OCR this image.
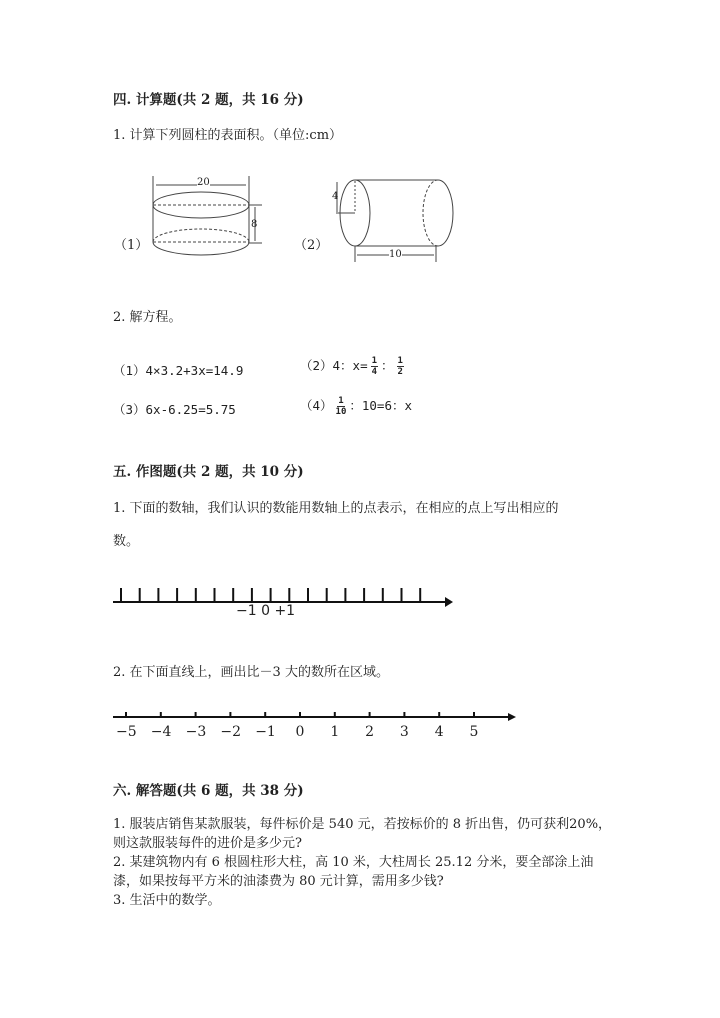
四. 计算题(共 2 题，共 16 分)
1. 计算下列圆柱的表面积。（单位:cm）
20
8
（1）	（2）
4
10
2. 解方程。
（1）4×3.2+3x=14.9	（2）4：$x= \frac{1}{4}$ ： $\frac{1}{2}$
（3）6x-6.25=5.75	$(4) \frac{1}{10}$ ：10=6：x
五. 作图题(共 2 题，共 10 分)
1. 下面的数轴，我们认识的数能用数轴上的点表示，在相应的点上写出相应的
数。
−1 0 +1
2. 在下面直线上，画出比－3 大的数所在区域。
−5 −4 −3 −2 −1	0	1	2	3	4	5
六. 解答题(共 6 题，共 38 分)
1. 服装店销售某款服装，每件标价是 540 元，若按标价的 8 折出售，仍可获利20%，则这款服装每件的进价是多少元?
2. 某建筑物内有 6 根圆柱形大柱，高 10 米，大柱周长 25.12 分米，要全部涂上油漆，如果按每平方米的油漆费为 80 元计算，需用多少钱?
3. 生活中的数学。
